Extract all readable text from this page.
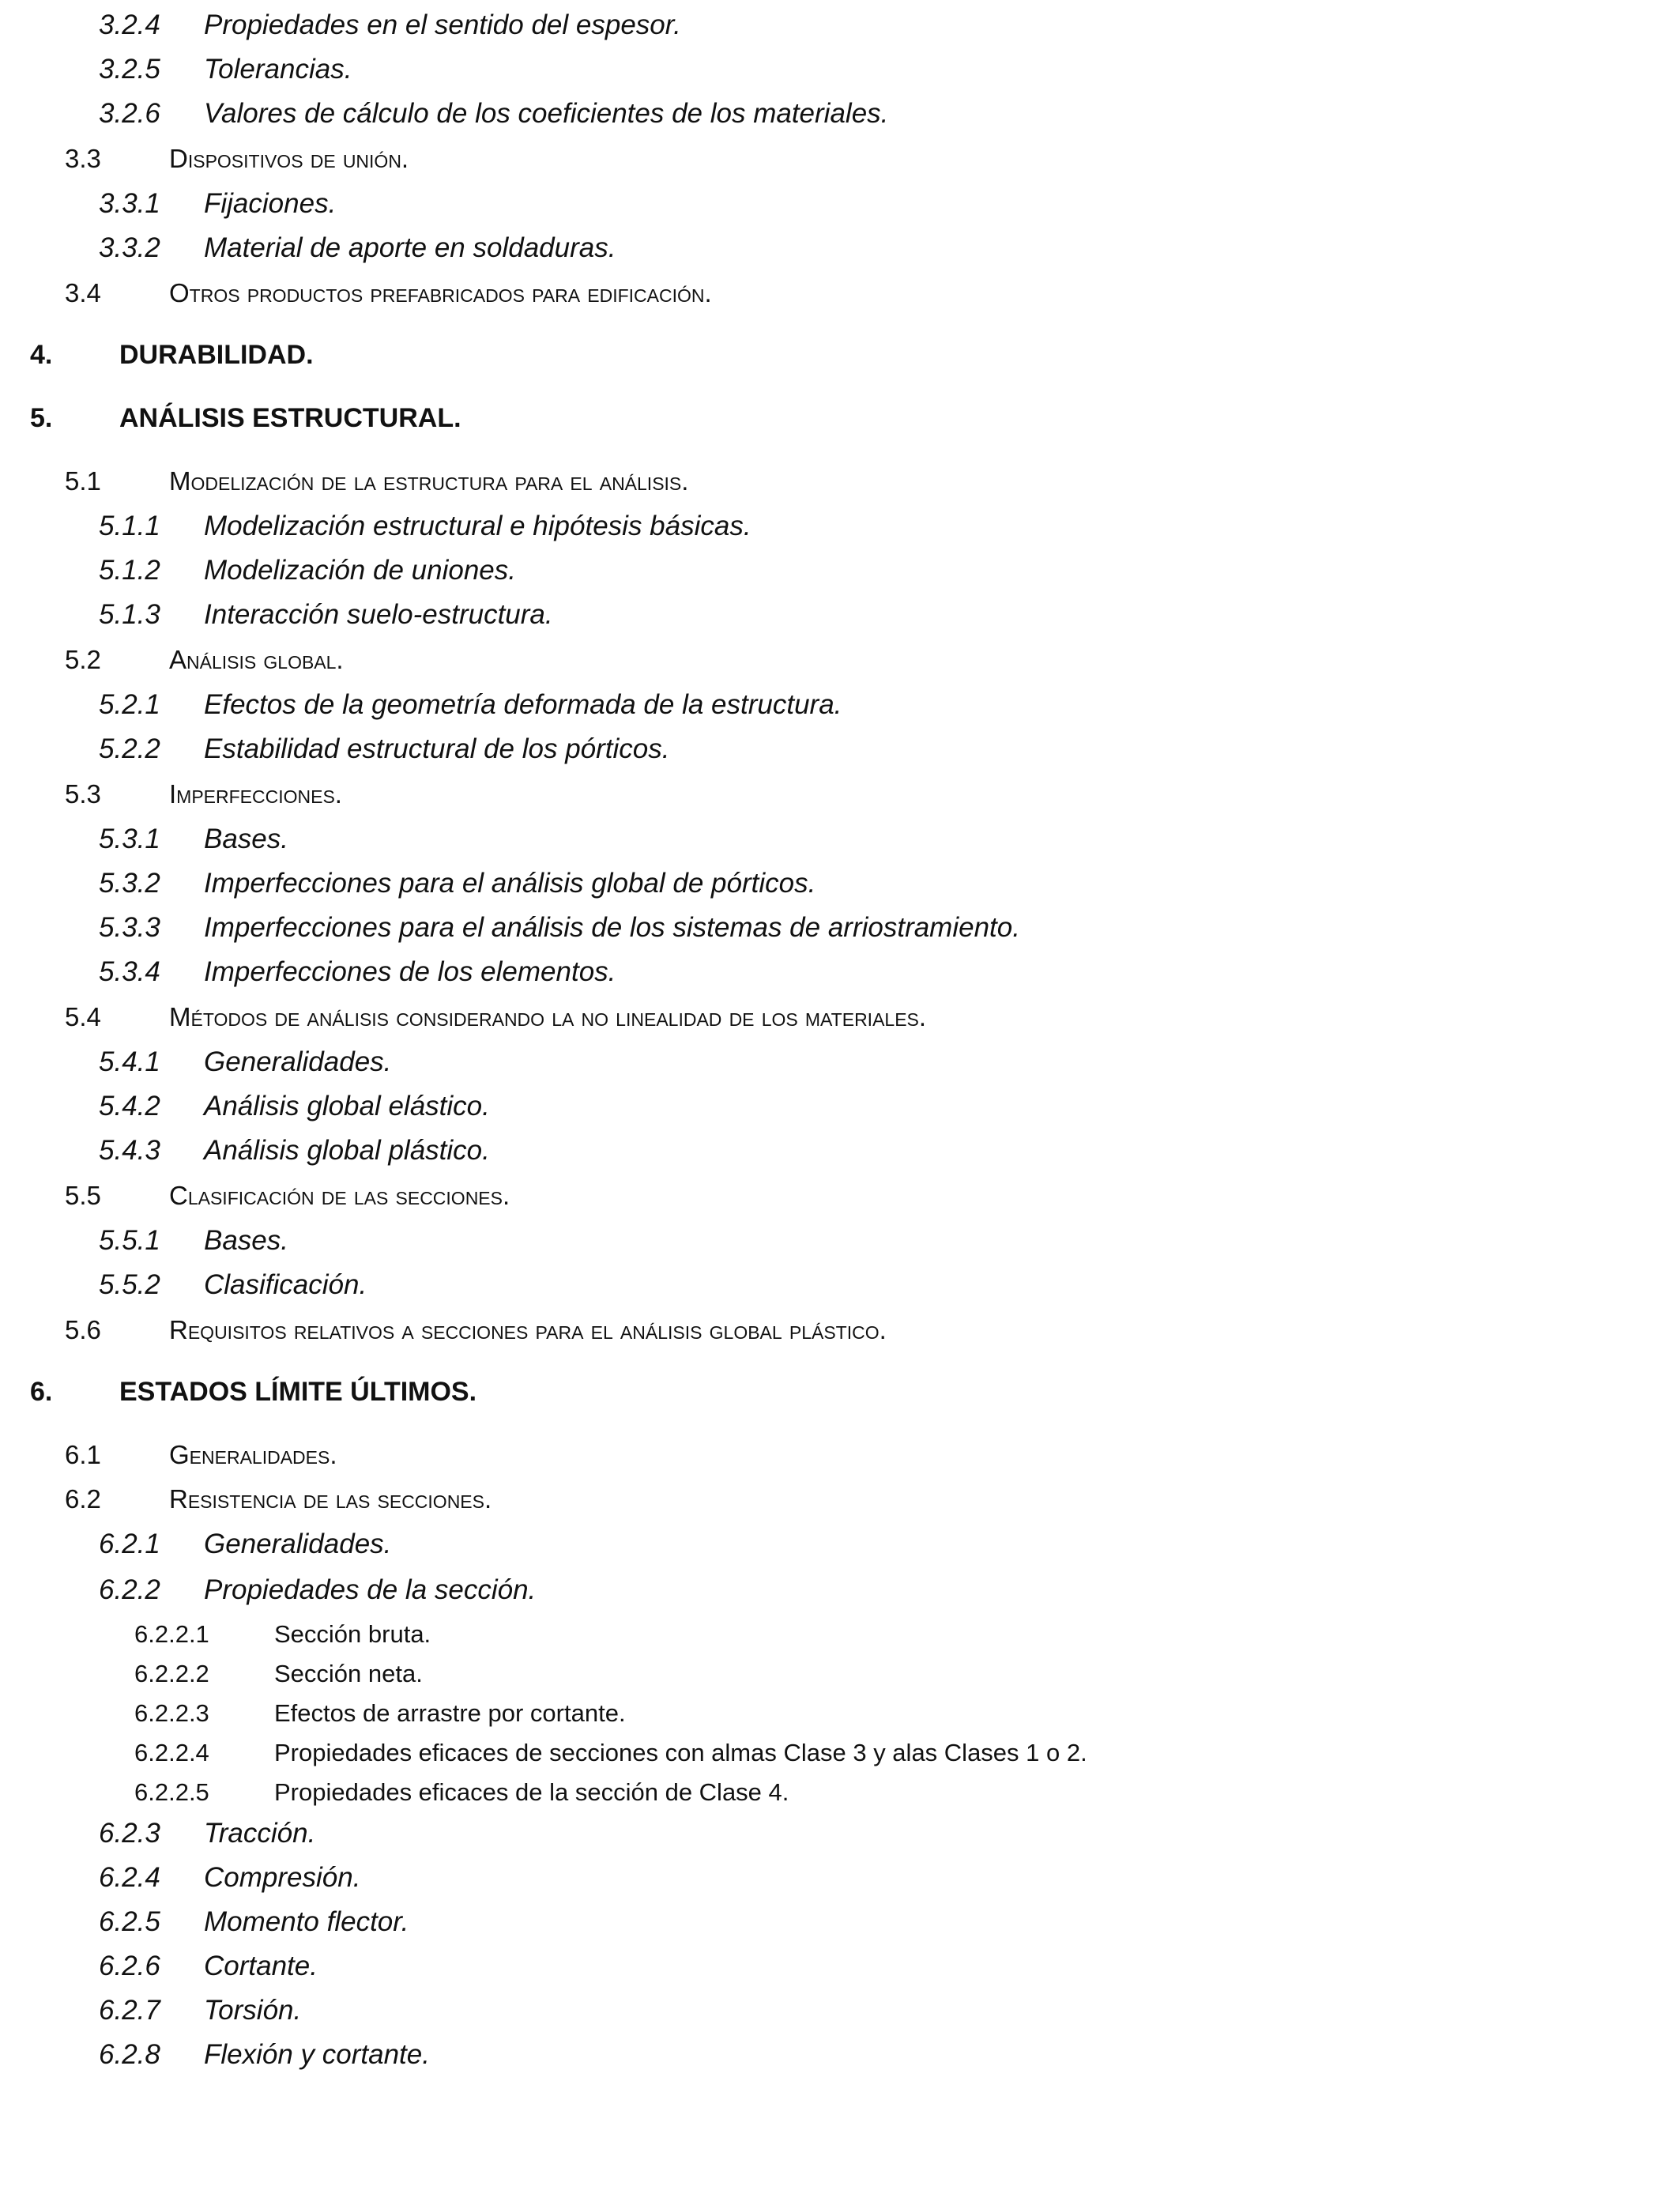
3.2.4 Propiedades en el sentido del espesor.
3.2.5 Tolerancias.
3.2.6 Valores de cálculo de los coeficientes de los materiales.
3.3	Dispositivos de unión.
3.3.1 Fijaciones.
3.3.2 Material de aporte en soldaduras.
3.4	Otros productos prefabricados para edificación.
4. DURABILIDAD.
5. ANÁLISIS ESTRUCTURAL.
5.1	Modelización de la estructura para el análisis.
5.1.1 Modelización estructural e hipótesis básicas.
5.1.2 Modelización de uniones.
5.1.3 Interacción suelo-estructura.
5.2	Análisis global.
5.2.1 Efectos de la geometría deformada de la estructura.
5.2.2 Estabilidad estructural de los pórticos.
5.3	Imperfecciones.
5.3.1 Bases.
5.3.2 Imperfecciones para el análisis global de pórticos.
5.3.3 Imperfecciones para el análisis de los sistemas de arriostramiento.
5.3.4 Imperfecciones de los elementos.
5.4	Métodos de análisis considerando la no linealidad de los materiales.
5.4.1 Generalidades.
5.4.2 Análisis global elástico.
5.4.3 Análisis global plástico.
5.5	Clasificación de las secciones.
5.5.1 Bases.
5.5.2 Clasificación.
5.6	Requisitos relativos a secciones para el análisis global plástico.
6. ESTADOS LÍMITE ÚLTIMOS.
6.1	Generalidades.
6.2	Resistencia de las secciones.
6.2.1 Generalidades.
6.2.2 Propiedades de la sección.
6.2.2.1	Sección bruta.
6.2.2.2	Sección neta.
6.2.2.3	Efectos de arrastre por cortante.
6.2.2.4	Propiedades eficaces de secciones con almas Clase 3 y alas Clases 1 o 2.
6.2.2.5	Propiedades eficaces de la sección de Clase 4.
6.2.3 Tracción.
6.2.4 Compresión.
6.2.5 Momento flector.
6.2.6 Cortante.
6.2.7 Torsión.
6.2.8 Flexión y cortante.
